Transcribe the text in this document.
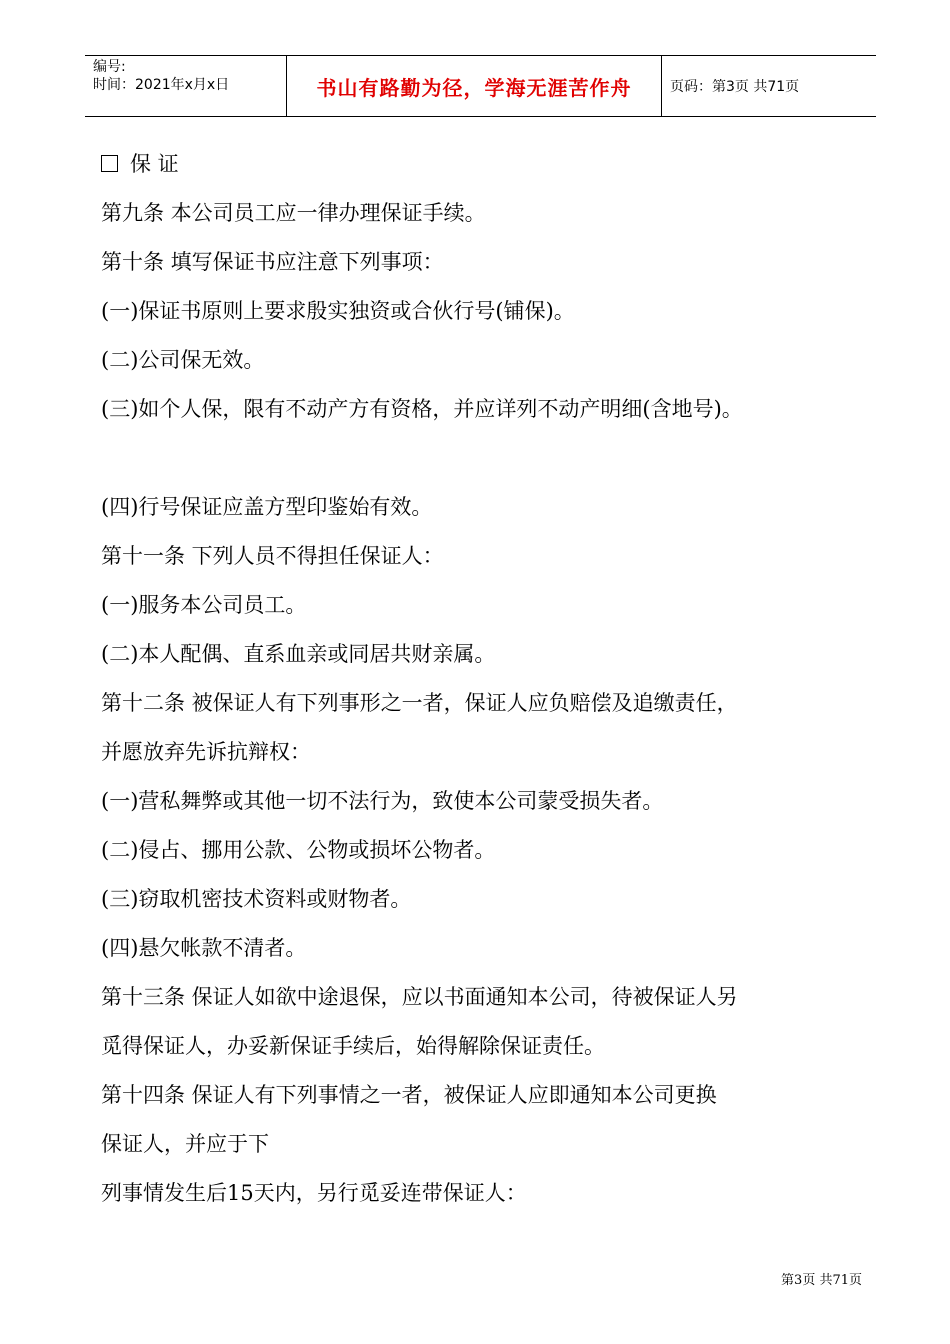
编号:
时间：2021年x月x日	书山有路勤为径，学海无涯苦作舟	页码：第3页 共71页
保 证
第九条 本公司员工应一律办理保证手续。
第十条 填写保证书应注意下列事项：
(一)保证书原则上要求殷实独资或合伙行号(铺保)。
(二)公司保无效。
(三)如个人保，限有不动产方有资格，并应详列不动产明细(含地号)。
(四)行号保证应盖方型印鉴始有效。
第十一条 下列人员不得担任保证人：
(一)服务本公司员工。
(二)本人配偶、直系血亲或同居共财亲属。
第十二条 被保证人有下列事形之一者，保证人应负赔偿及追缴责任，
并愿放弃先诉抗辩权：
(一)营私舞弊或其他一切不法行为，致使本公司蒙受损失者。
(二)侵占、挪用公款、公物或损坏公物者。
(三)窃取机密技术资料或财物者。
(四)悬欠帐款不清者。
第十三条 保证人如欲中途退保，应以书面通知本公司，待被保证人另
觅得保证人，办妥新保证手续后，始得解除保证责任。
第十四条 保证人有下列事情之一者，被保证人应即通知本公司更换
保证人，并应于下
列事情发生后15天内，另行觅妥连带保证人：
第3页 共71页
